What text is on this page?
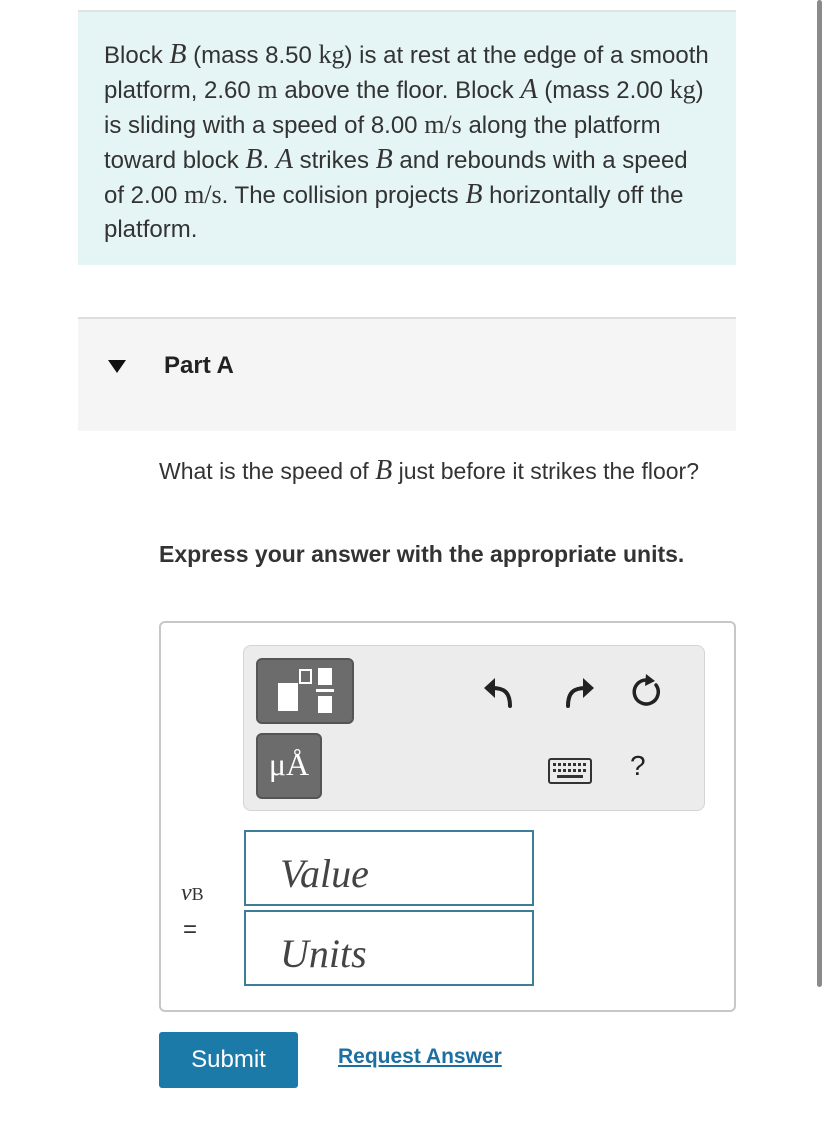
Block B (mass 8.50 kg) is at rest at the edge of a smooth platform, 2.60 m above the floor. Block A (mass 2.00 kg) is sliding with a speed of 8.00 m/s along the platform toward block B. A strikes B and rebounds with a speed of 2.00 m/s. The collision projects B horizontally off the platform.
Part A
What is the speed of B just before it strikes the floor?
Express your answer with the appropriate units.
μÅ	?
vB
=
Value
Units
Submit	Request Answer
